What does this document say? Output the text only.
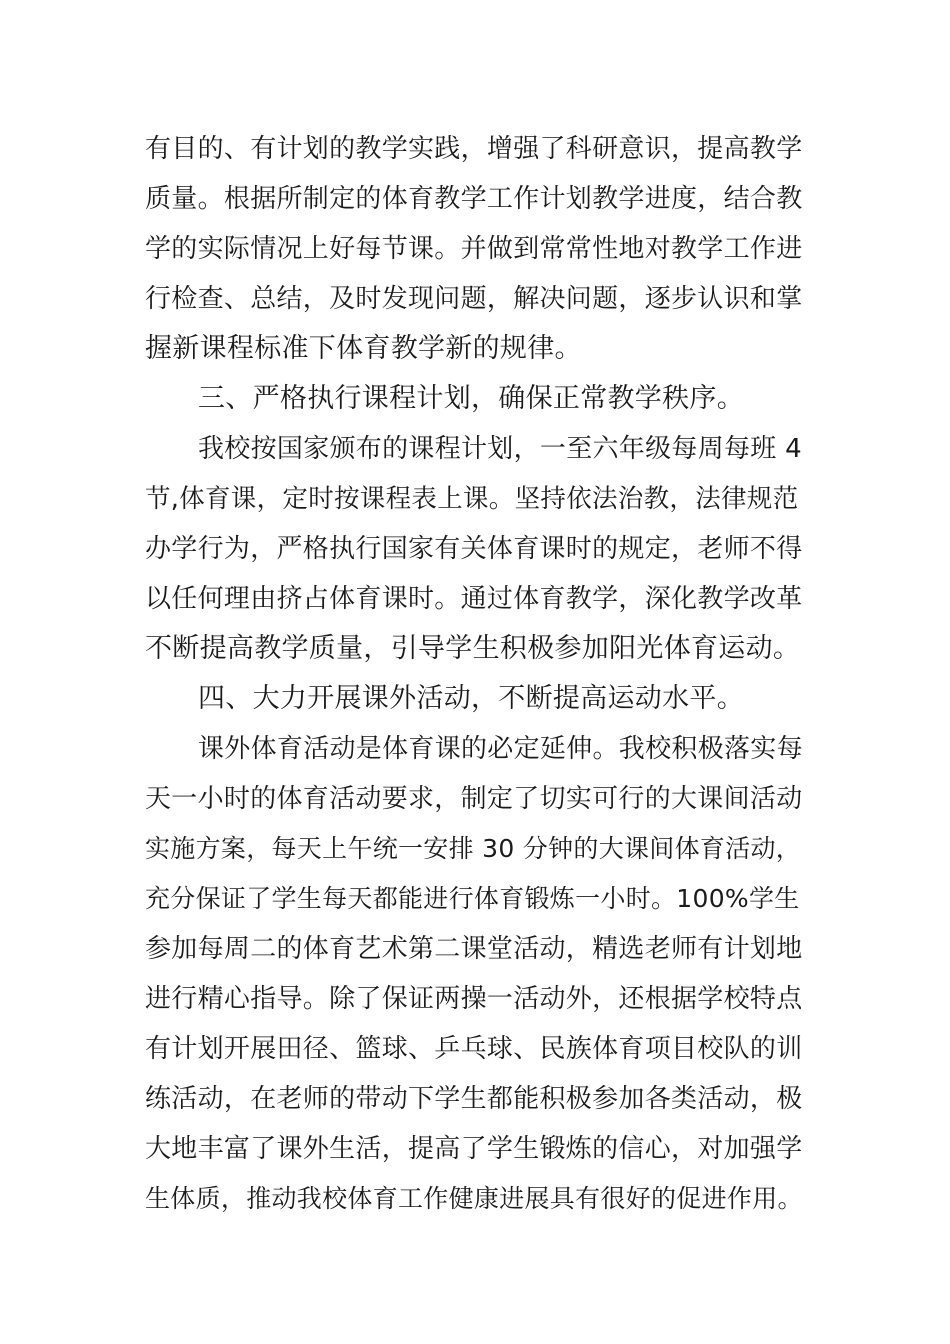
有目的、有计划的教学实践，增强了科研意识，提高教学
质量。根据所制定的体育教学工作计划教学进度，结合教
学的实际情况上好每节课。并做到常常性地对教学工作进
行检查、总结，及时发现问题，解决问题，逐步认识和掌
握新课程标准下体育教学新的规律。
三、严格执行课程计划，确保正常教学秩序。
我校按国家颁布的课程计划，一至六年级每周每班 4
节,体育课，定时按课程表上课。坚持依法治教，法律规范
办学行为，严格执行国家有关体育课时的规定，老师不得
以任何理由挤占体育课时。通过体育教学，深化教学改革
不断提高教学质量，引导学生积极参加阳光体育运动。
四、大力开展课外活动，不断提高运动水平。
课外体育活动是体育课的必定延伸。我校积极落实每
天一小时的体育活动要求，制定了切实可行的大课间活动
实施方案，每天上午统一安排 30 分钟的大课间体育活动，
充分保证了学生每天都能进行体育锻炼一小时。100%学生
参加每周二的体育艺术第二课堂活动，精选老师有计划地
进行精心指导。除了保证两操一活动外，还根据学校特点
有计划开展田径、篮球、乒乓球、民族体育项目校队的训
练活动，在老师的带动下学生都能积极参加各类活动，极
大地丰富了课外生活，提高了学生锻炼的信心，对加强学
生体质，推动我校体育工作健康进展具有很好的促进作用。
